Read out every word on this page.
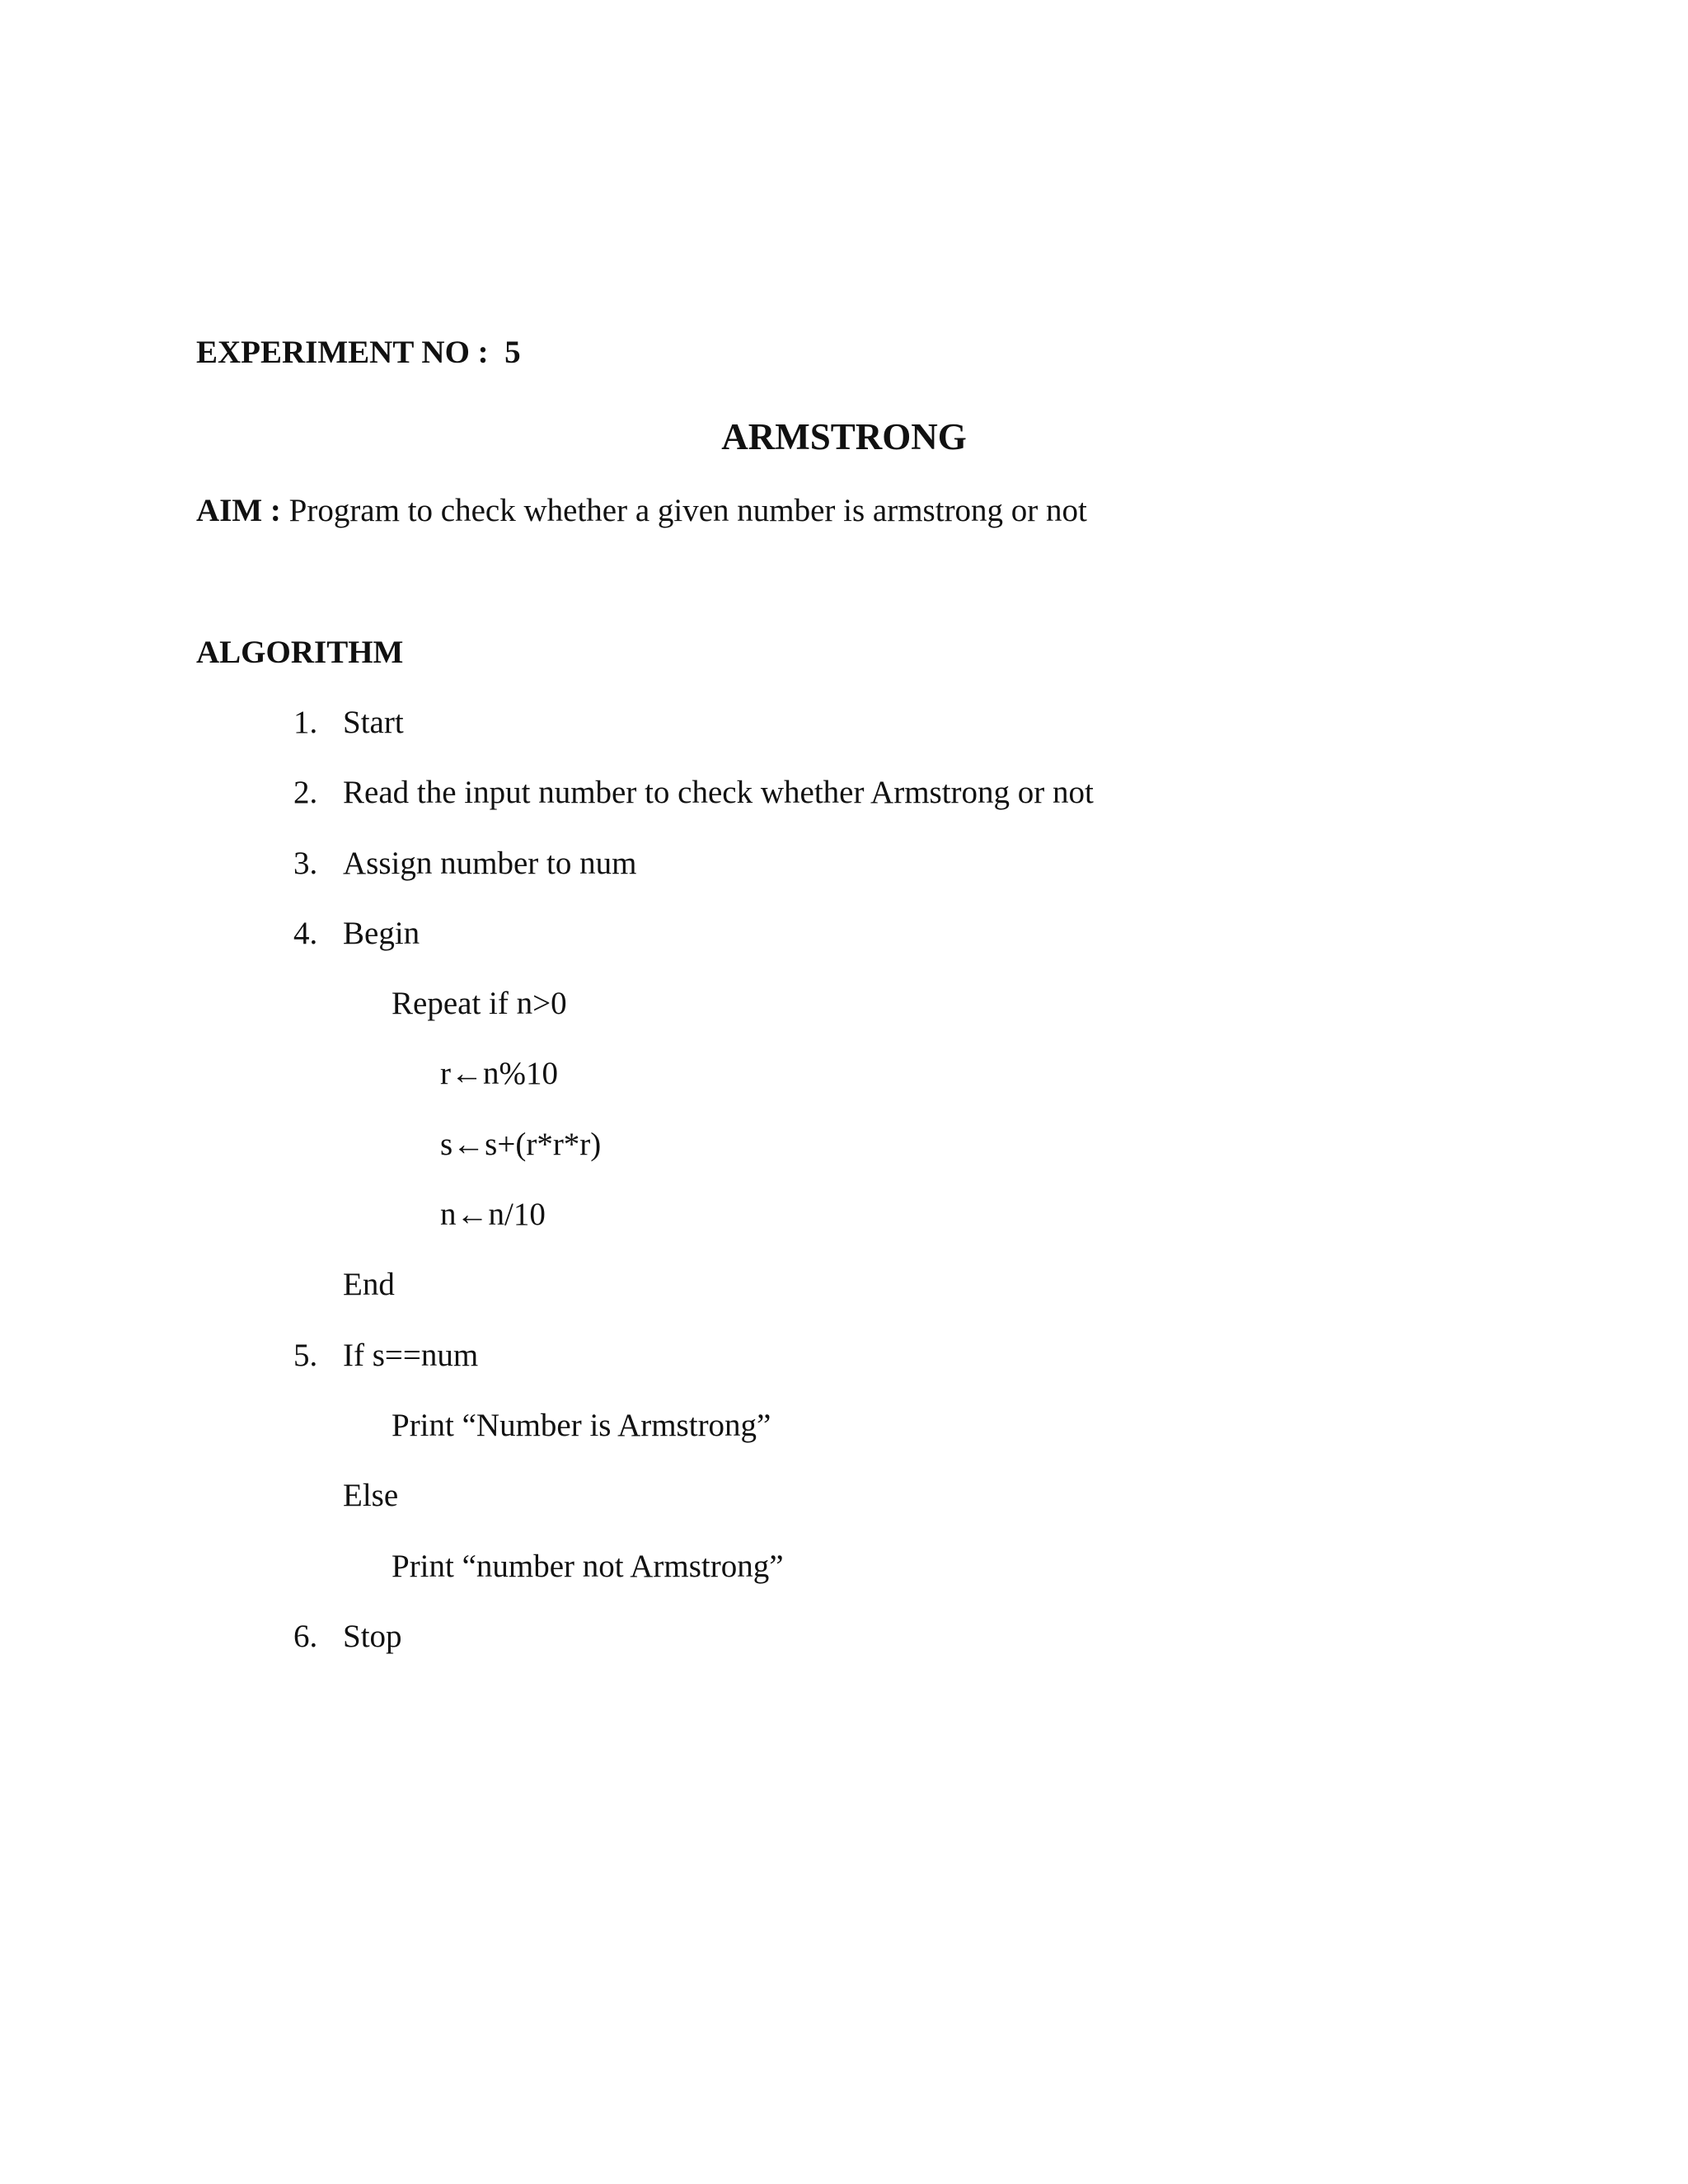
EXPERIMENT NO : 5
ARMSTRONG
AIM : Program to check whether a given number is armstrong or not
ALGORITHM
1. Start
2. Read the input number to check whether Armstrong or not
3. Assign number to num
4. Begin
Repeat if n>0
r←n%10
s←s+(r*r*r)
n←n/10
End
5. If s==num
Print “Number is Armstrong”
Else
Print “number not Armstrong”
6. Stop
